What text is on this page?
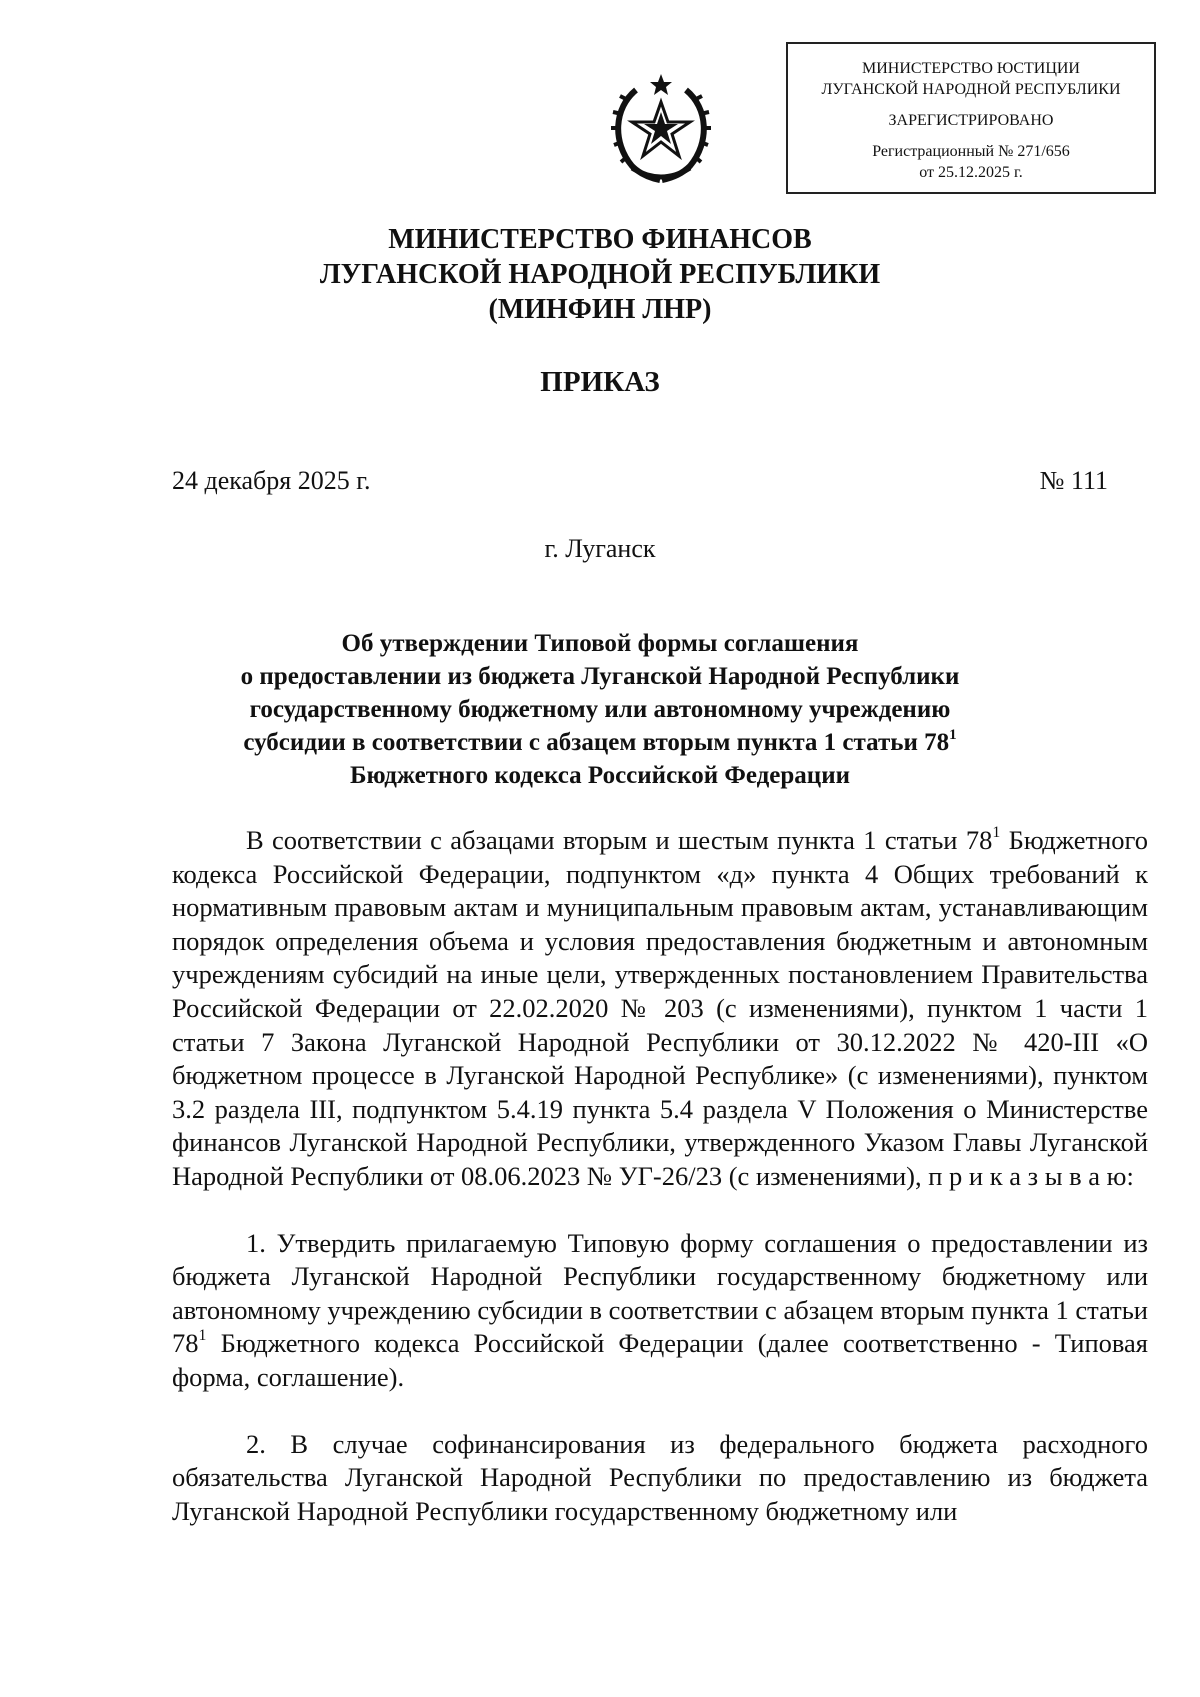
МИНИСТЕРСТВО ЮСТИЦИИ
ЛУГАНСКОЙ НАРОДНОЙ РЕСПУБЛИКИ
ЗАРЕГИСТРИРОВАНО
Регистрационный № 271/656
от 25.12.2025 г.
МИНИСТЕРСТВО ФИНАНСОВ
ЛУГАНСКОЙ НАРОДНОЙ РЕСПУБЛИКИ
(МИНФИН ЛНР)
ПРИКАЗ
24 декабря 2025 г.	№ 111
г. Луганск
Об утверждении Типовой формы соглашения
о предоставлении из бюджета Луганской Народной Республики
государственному бюджетному или автономному учреждению
субсидии в соответствии с абзацем вторым пункта 1 статьи $78^1$
Бюджетного кодекса Российской Федерации

В соответствии с абзацами вторым и шестым пункта 1 статьи $78^1$ Бюджетного кодекса Российской Федерации, подпунктом «д» пункта 4 Общих требований к нормативным правовым актам и муниципальным правовым актам, устанавливающим порядок определения объема и условия предоставления бюджетным и автономным учреждениям субсидий на иные цели, утвержденных постановлением Правительства Российской Федерации от 22.02.2020 № 203 (с изменениями), пунктом 1 части 1 статьи 7 Закона Луганской Народной Республики от 30.12.2022 № 420-III «О бюджетном процессе в Луганской Народной Республике» (с изменениями), пунктом 3.2 раздела III, подпунктом 5.4.19 пункта 5.4 раздела V Положения о Министерстве финансов Луганской Народной Республики, утвержденного Указом Главы Луганской Народной Республики от 08.06.2023 № УГ-26/23 (с изменениями), п р и к а з ы в а ю:

1. Утвердить прилагаемую Типовую форму соглашения о предоставлении из бюджета Луганской Народной Республики государственному бюджетному или автономному учреждению субсидии в соответствии с абзацем вторым пункта 1 статьи $78^1$ Бюджетного кодекса Российской Федерации (далее соответственно - Типовая форма, соглашение).

2. В случае софинансирования из федерального бюджета расходного обязательства Луганской Народной Республики по предоставлению из бюджета Луганской Народной Республики государственному бюджетному или
